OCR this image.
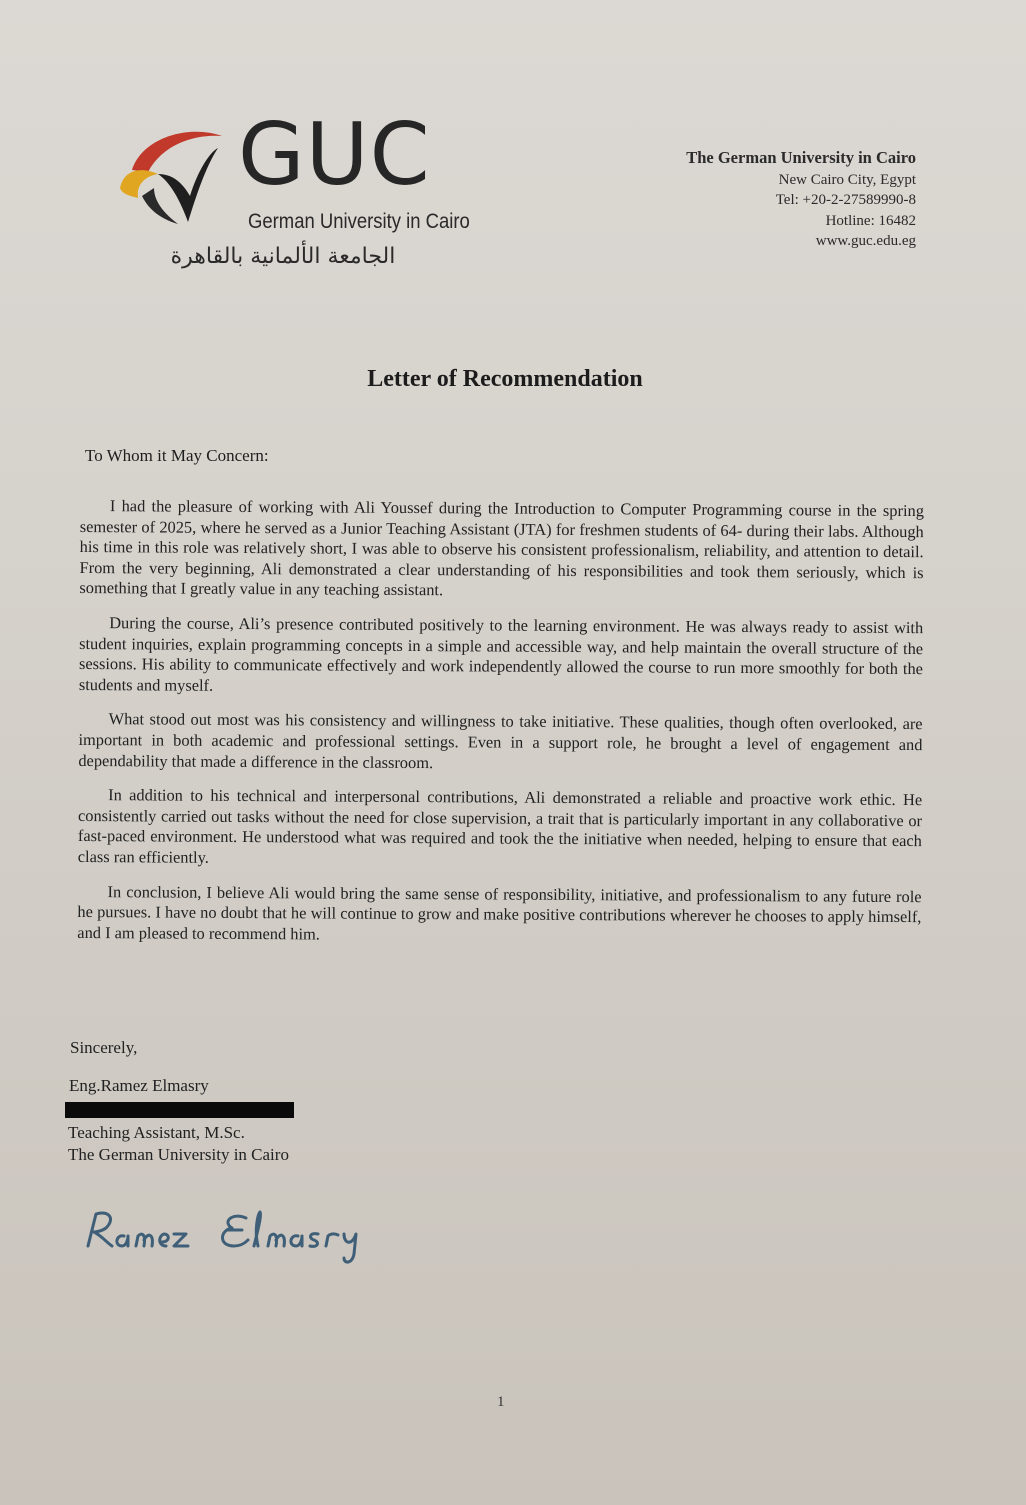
GUC
German University in Cairo
الجامعة الألمانية بالقاهرة
The German University in Cairo
New Cairo City, Egypt
Tel: +20-2-27589990-8
Hotline: 16482
www.guc.edu.eg
Letter of Recommendation
To Whom it May Concern:

I had the pleasure of working with Ali Youssef during the Introduction to Computer Programming course in the spring semester of 2025, where he served as a Junior Teaching Assistant (JTA) for freshmen students of 64- during their labs. Although his time in this role was relatively short, I was able to observe his consistent professionalism, reliability, and attention to detail. From the very beginning, Ali demonstrated a clear understanding of his responsibilities and took them seriously, which is something that I greatly value in any teaching assistant.

During the course, Ali’s presence contributed positively to the learning environment. He was always ready to assist with student inquiries, explain programming concepts in a simple and accessible way, and help maintain the overall structure of the sessions. His ability to communicate effectively and work independently allowed the course to run more smoothly for both the students and myself.

What stood out most was his consistency and willingness to take initiative. These qualities, though often overlooked, are important in both academic and professional settings. Even in a support role, he brought a level of engagement and dependability that made a difference in the classroom.

In addition to his technical and interpersonal contributions, Ali demonstrated a reliable and proactive work ethic. He consistently carried out tasks without the need for close supervision, a trait that is particularly important in any collaborative or fast-paced environment. He understood what was required and took the the initiative when needed, helping to ensure that each class ran efficiently.

In conclusion, I believe Ali would bring the same sense of responsibility, initiative, and professionalism to any future role he pursues. I have no doubt that he will continue to grow and make positive contributions wherever he chooses to apply himself, and I am pleased to recommend him.

Sincerely,
Eng.Ramez Elmasry
Teaching Assistant, M.Sc.
The German University in Cairo
1
